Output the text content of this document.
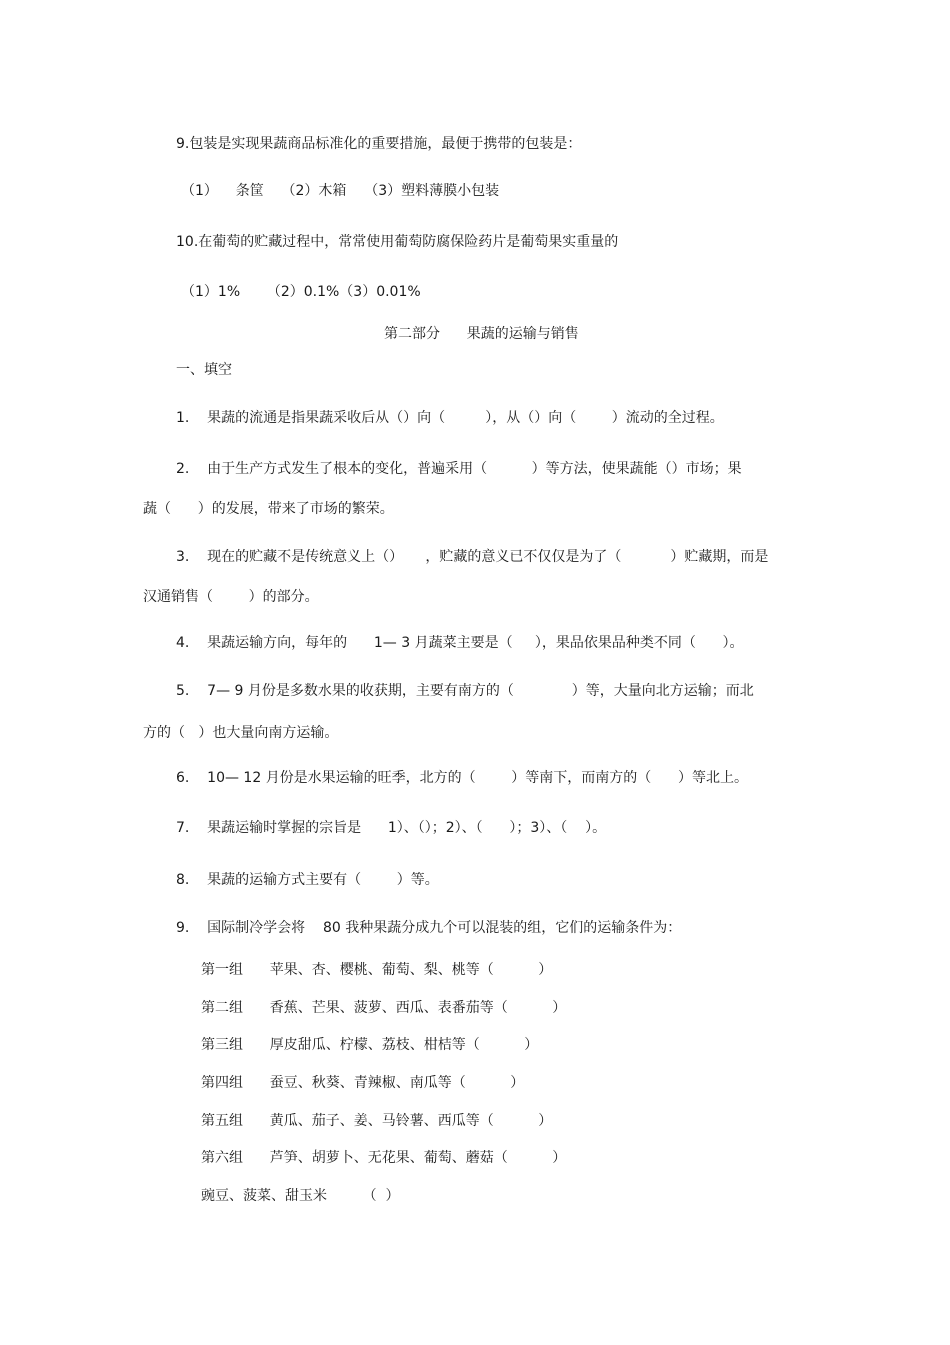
9.包装是实现果蔬商品标准化的重要措施，最便于携带的包装是：
（1）    条筐    （2）木箱    （3）塑料薄膜小包装
10.在葡萄的贮藏过程中，常常使用葡萄防腐保险药片是葡萄果实重量的
（1）1%      （2）0.1%（3）0.01%
第二部分      果蔬的运输与销售
一、填空
1.    果蔬的流通是指果蔬采收后从（）向（         ），从（）向（        ）流动的全过程。
2.    由于生产方式发生了根本的变化，普遍采用（          ）等方法，使果蔬能（）市场；果
蔬（      ）的发展，带来了市场的繁荣。
3.    现在的贮藏不是传统意义上（）     ，贮藏的意义已不仅仅是为了（           ）贮藏期，而是
汉通销售（        ）的部分。
4.    果蔬运输方向，每年的      1— 3 月蔬菜主要是（     ），果品依果品种类不同（      ）。
5.    7— 9 月份是多数水果的收获期，主要有南方的（             ）等，大量向北方运输；而北
方的（   ）也大量向南方运输。
6.    10— 12 月份是水果运输的旺季，北方的（        ）等南下，而南方的（      ）等北上。
7.    果蔬运输时掌握的宗旨是      1）、（）；2）、（      ）；3）、（    ）。
8.    果蔬的运输方式主要有（        ）等。
9.    国际制冷学会将    80 我种果蔬分成九个可以混装的组，它们的运输条件为：
第一组      苹果、杏、樱桃、葡萄、梨、桃等（          ）
第二组      香蕉、芒果、菠萝、西瓜、表番茄等（          ）
第三组      厚皮甜瓜、柠檬、荔枝、柑桔等（          ）
第四组      蚕豆、秋葵、青辣椒、南瓜等（          ）
第五组      黄瓜、茄子、姜、马铃薯、西瓜等（          ）
第六组      芦笋、胡萝卜、无花果、葡萄、蘑菇（          ）
豌豆、菠菜、甜玉米        （  ）
